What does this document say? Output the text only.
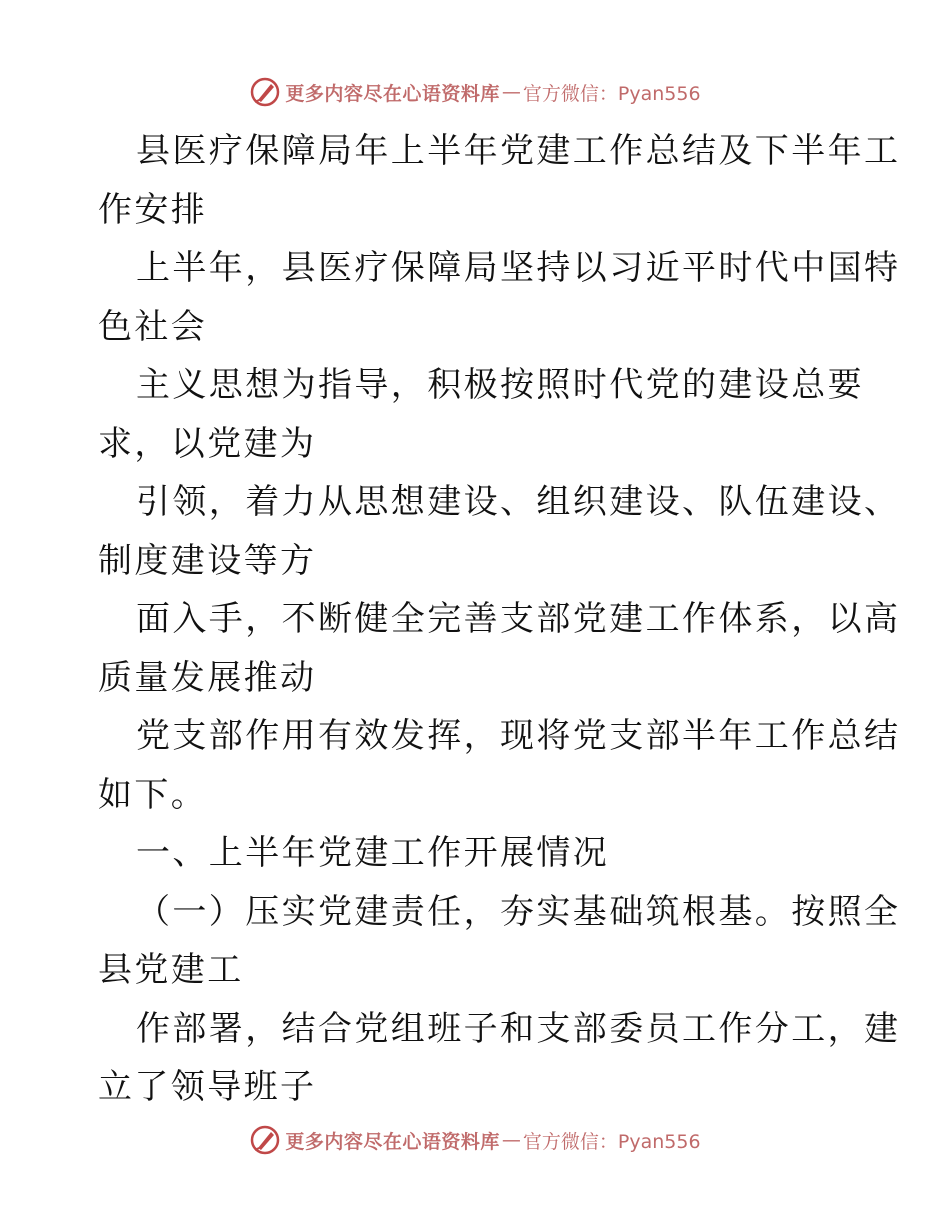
更多内容尽在心语资料库 — 官方微信：Pyan556
县医疗保障局年上半年党建工作总结及下半年工
作安排
上半年，县医疗保障局坚持以习近平时代中国特
色社会
主义思想为指导，积极按照时代党的建设总要
求，以党建为
引领，着力从思想建设、组织建设、队伍建设、
制度建设等方
面入手，不断健全完善支部党建工作体系，以高
质量发展推动
党支部作用有效发挥，现将党支部半年工作总结
如下。
一、上半年党建工作开展情况
（一）压实党建责任，夯实基础筑根基。按照全
县党建工
作部署，结合党组班子和支部委员工作分工，建
立了领导班子
更多内容尽在心语资料库 — 官方微信：Pyan556
